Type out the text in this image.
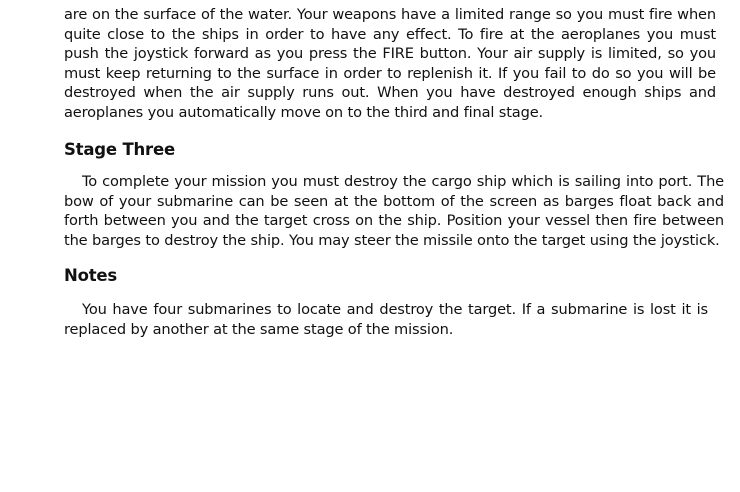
are on the surface of the water. Your weapons have a limited range so you must fire when quite close to the ships in order to have any effect. To fire at the aeroplanes you must push the joystick forward as you press the FIRE button. Your air supply is limited, so you must keep returning to the surface in order to replenish it. If you fail to do so you will be destroyed when the air supply runs out. When you have destroyed enough ships and aeroplanes you automatically move on to the third and final stage.

Stage Three

To complete your mission you must destroy the cargo ship which is sailing into port. The bow of your submarine can be seen at the bottom of the screen as barges float back and forth between you and the target cross on the ship. Position your vessel then fire between the barges to destroy the ship. You may steer the missile onto the target using the joystick.

Notes

You have four submarines to locate and destroy the target. If a submarine is lost it is replaced by another at the same stage of the mission.
